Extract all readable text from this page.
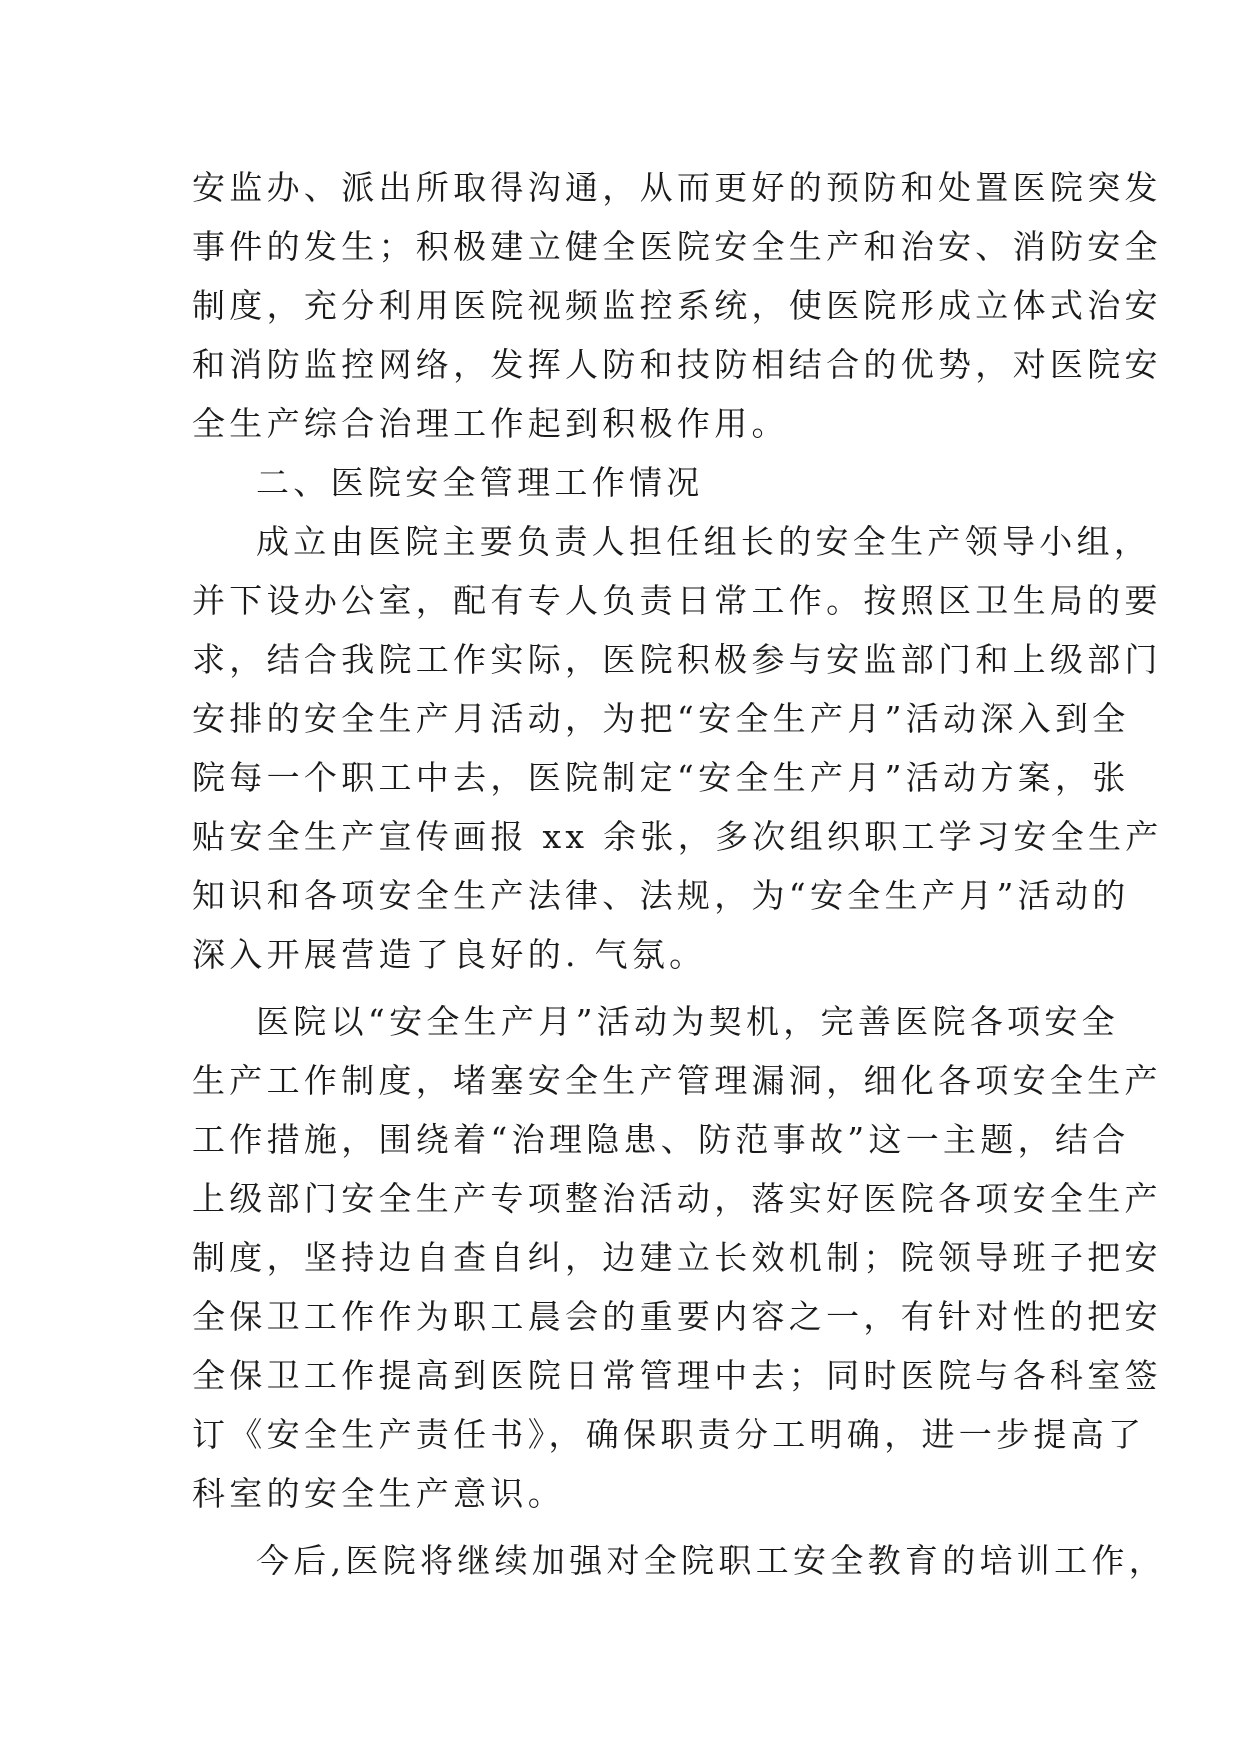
安监办、派出所取得沟通，从而更好的预防和处置医院突发
事件的发生；积极建立健全医院安全生产和治安、消防安全
制度，充分利用医院视频监控系统，使医院形成立体式治安
和消防监控网络，发挥人防和技防相结合的优势，对医院安
全生产综合治理工作起到积极作用。
二、医院安全管理工作情况
成立由医院主要负责人担任组长的安全生产领导小组，
并下设办公室，配有专人负责日常工作。按照区卫生局的要
求，结合我院工作实际，医院积极参与安监部门和上级部门
安排的安全生产月活动，为把“安全生产月”活动深入到全
院每一个职工中去，医院制定“安全生产月”活动方案，张
贴安全生产宣传画报 xx 余张，多次组织职工学习安全生产
知识和各项安全生产法律、法规，为“安全生产月”活动的
深入开展营造了良好的. 气氛。
医院以“安全生产月”活动为契机，完善医院各项安全
生产工作制度，堵塞安全生产管理漏洞，细化各项安全生产
工作措施，围绕着“治理隐患、防范事故”这一主题，结合
上级部门安全生产专项整治活动，落实好医院各项安全生产
制度，坚持边自查自纠，边建立长效机制；院领导班子把安
全保卫工作作为职工晨会的重要内容之一，有针对性的把安
全保卫工作提高到医院日常管理中去；同时医院与各科室签
订《安全生产责任书》，确保职责分工明确，进一步提高了
科室的安全生产意识。
今后,医院将继续加强对全院职工安全教育的培训工作，
